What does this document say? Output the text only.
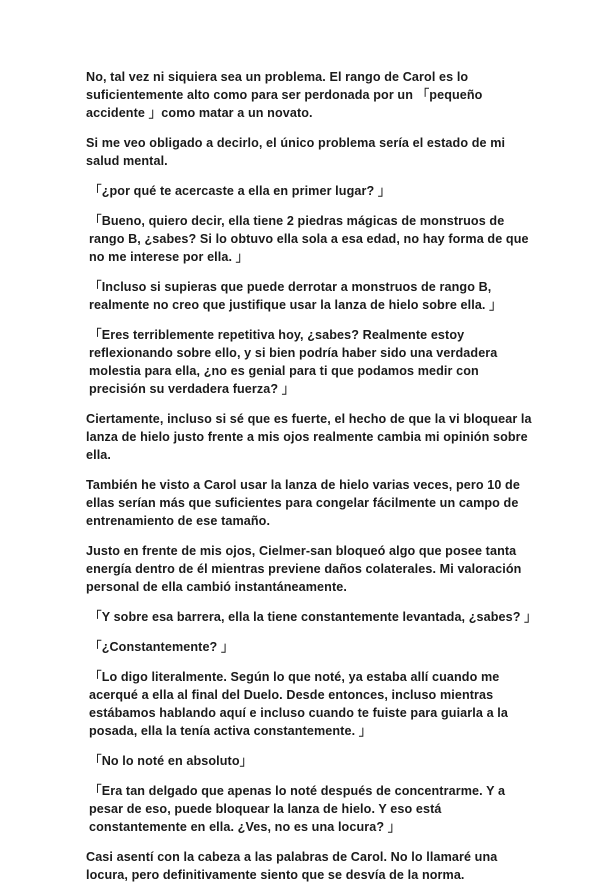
No, tal vez ni siquiera sea un problema. El rango de Carol es lo suficientemente alto como para ser perdonada por un 「pequeño accidente 」como matar a un novato.

Si me veo obligado a decirlo, el único problema sería el estado de mi salud mental.

「¿por qué te acercaste a ella en primer lugar? 」

「Bueno, quiero decir, ella tiene 2 piedras mágicas de monstruos de rango B, ¿sabes? Si lo obtuvo ella sola a esa edad, no hay forma de que no me interese por ella. 」

「Incluso si supieras que puede derrotar a monstruos de rango B, realmente no creo que justifique usar la lanza de hielo sobre ella. 」

「Eres terriblemente repetitiva hoy, ¿sabes? Realmente estoy reflexionando sobre ello, y si bien podría haber sido una verdadera molestia para ella, ¿no es genial para ti que podamos medir con precisión su verdadera fuerza? 」

Ciertamente, incluso si sé que es fuerte, el hecho de que la vi bloquear la lanza de hielo justo frente a mis ojos realmente cambia mi opinión sobre ella.

También he visto a Carol usar la lanza de hielo varias veces, pero 10 de ellas serían más que suficientes para congelar fácilmente un campo de entrenamiento de ese tamaño.

Justo en frente de mis ojos, Cielmer-san bloqueó algo que posee tanta energía dentro de él mientras previene daños colaterales. Mi valoración personal de ella cambió instantáneamente.

「Y sobre esa barrera, ella la tiene constantemente levantada, ¿sabes? 」

「¿Constantemente? 」

「Lo digo literalmente. Según lo que noté, ya estaba allí cuando me acerqué a ella al final del Duelo. Desde entonces, incluso mientras estábamos hablando aquí e incluso cuando te fuiste para guiarla a la posada, ella la tenía activa constantemente. 」

「No lo noté en absoluto」

「Era tan delgado que apenas lo noté después de concentrarme. Y a pesar de eso, puede bloquear la lanza de hielo. Y eso está constantemente en ella. ¿Ves, no es una locura? 」

Casi asentí con la cabeza a las palabras de Carol. No lo llamaré una locura, pero definitivamente siento que se desvía de la norma.
